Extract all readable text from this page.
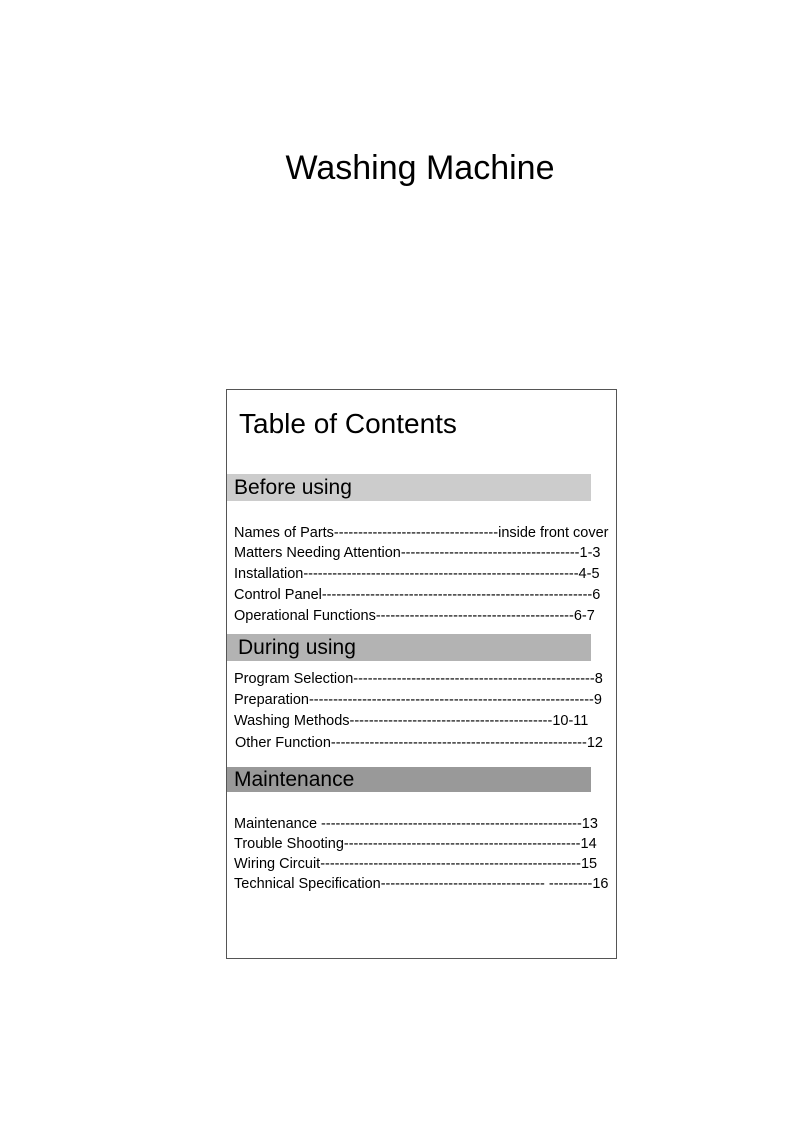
Washing Machine
Table of Contents
Before using
Names of Parts----------------------------------inside front cover
Matters Needing Attention-------------------------------------1-3
Installation---------------------------------------------------------4-5
Control Panel--------------------------------------------------------6
Operational Functions-----------------------------------------6-7
During using
Program Selection--------------------------------------------------8
Preparation-----------------------------------------------------------9
Washing Methods------------------------------------------10-11
Other Function-----------------------------------------------------12
Maintenance
Maintenance ------------------------------------------------------13
Trouble Shooting-------------------------------------------------14
Wiring Circuit------------------------------------------------------15
Technical Specification---------------------------------- ---------16
